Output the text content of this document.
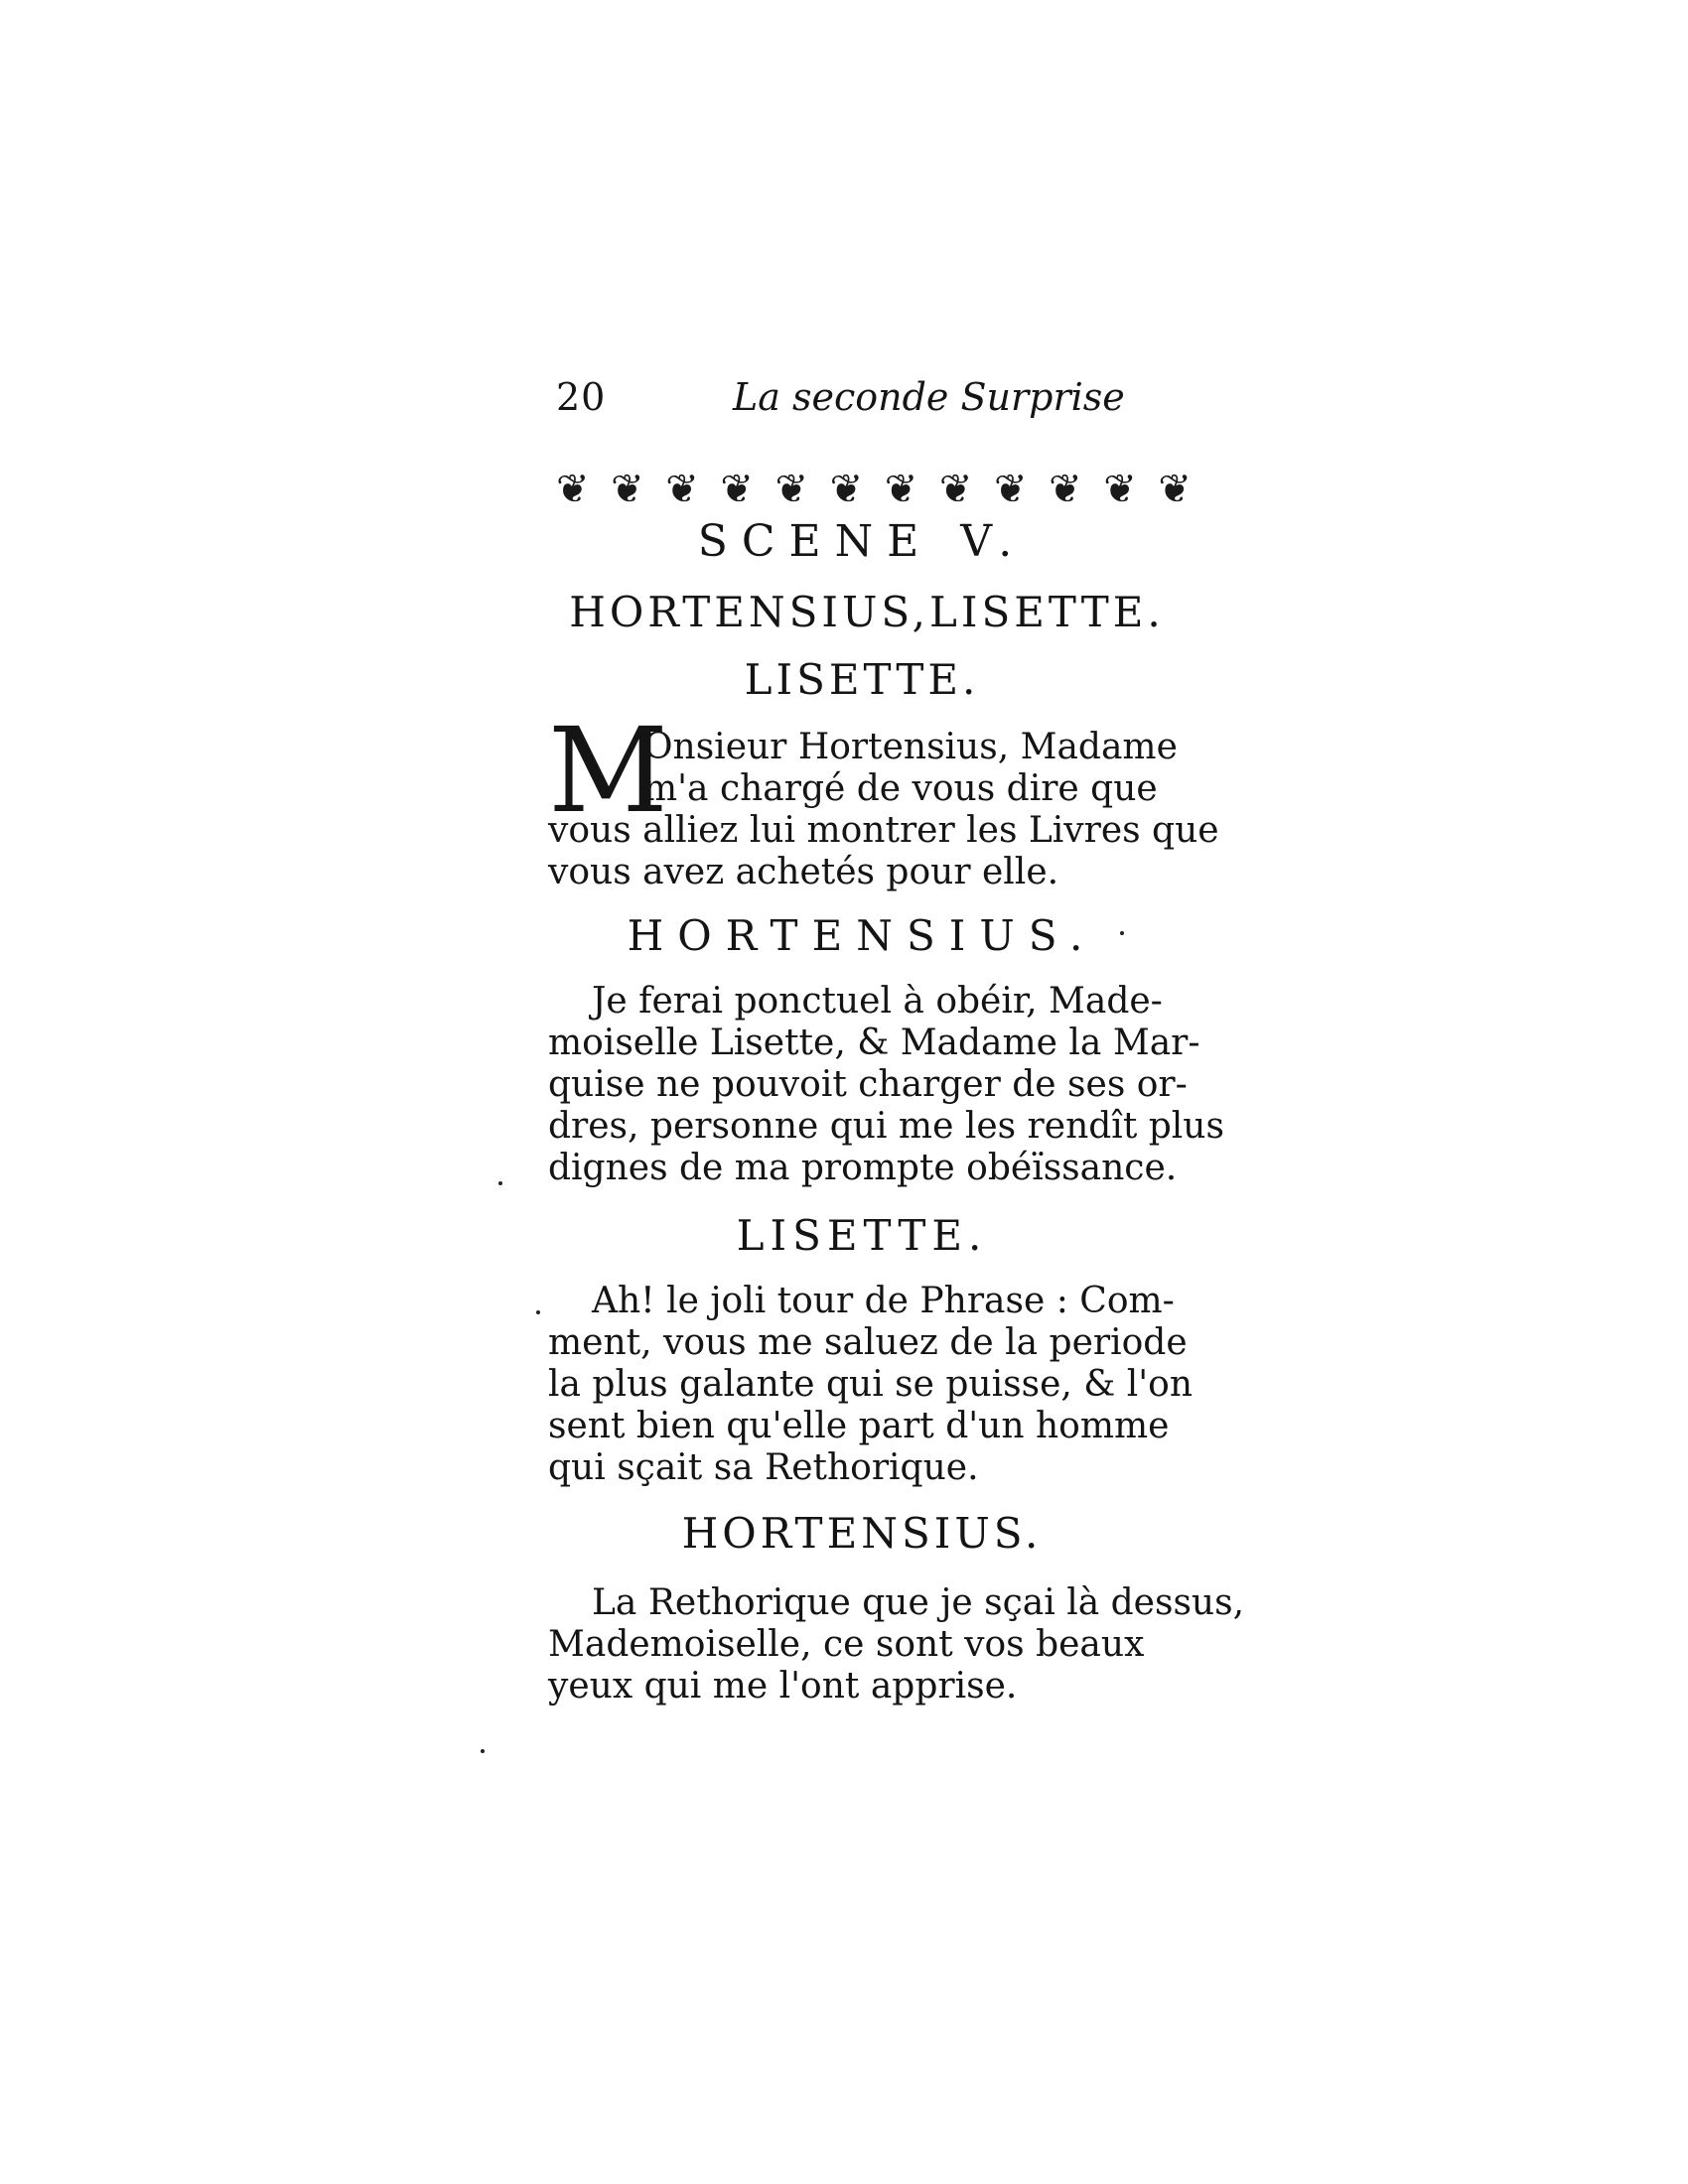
20	La seconde Surprise
❦ ❦ ❦ ❦ ❦ ❦ ❦ ❦ ❦ ❦ ❦ ❦
SCENE V.
HORTENSIUS,LISETTE.
LISETTE.
M
Onsieur Hortensius, Madame
m'a chargé de vous dire que
vous alliez lui montrer les Livres que
vous avez achetés pour elle.
HORTENSIUS.
Je ferai ponctuel à obéir, Made-
moiselle Lisette, & Madame la Mar-
quise ne pouvoit charger de ses or-
dres, personne qui me les rendît plus
dignes de ma prompte obéïssance.
LISETTE.
Ah! le joli tour de Phrase : Com-
ment, vous me saluez de la periode
la plus galante qui se puisse, & l'on
sent bien qu'elle part d'un homme
qui sçait sa Rethorique.
HORTENSIUS.
La Rethorique que je sçai là dessus,
Mademoiselle, ce sont vos beaux
yeux qui me l'ont apprise.
